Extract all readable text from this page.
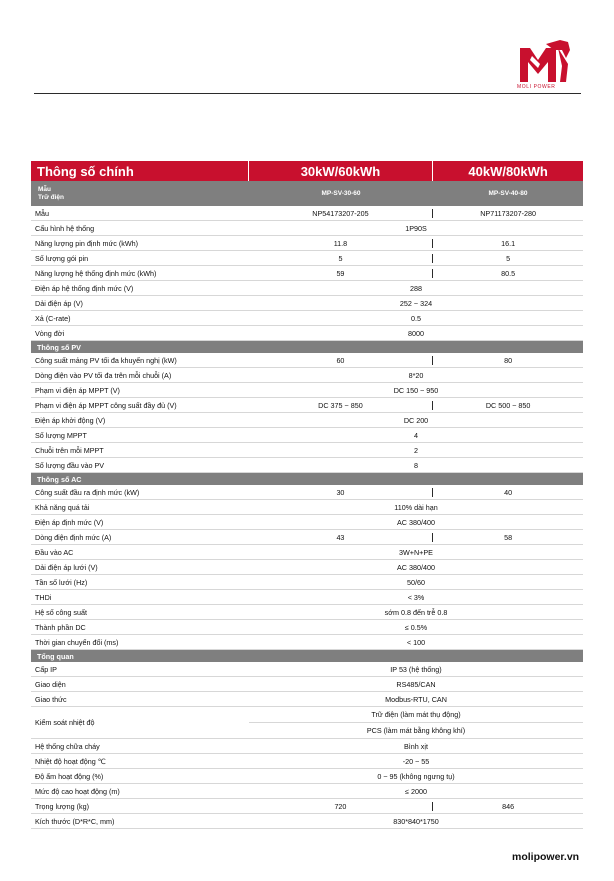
MOLI POWER
Thông số chính	30kW/60kWh	40kW/80kWh
Mẫu
Trữ điện	MP-SV-30-60	MP-SV-40-80
Mẫu	NP54173207-205	NP71173207-280
Cấu hình hệ thống	1P90S
Năng lượng pin định mức (kWh)	11.8	16.1
Số lượng gói pin	5	5
Năng lượng hệ thống định mức (kWh)	59	80.5
Điện áp hệ thống định mức (V)	288
Dải điện áp (V)	252 ~ 324
Xả (C-rate)	0.5
Vòng đời	8000
Thông số PV
Công suất mảng PV tối đa khuyến nghị (kW)	60	80
Dòng điện vào PV tối đa trên mỗi chuỗi (A)	8*20
Phạm vi điện áp MPPT (V)	DC 150 ~ 950
Phạm vi điện áp MPPT công suất đầy đủ (V)	DC 375 ~ 850	DC 500 ~ 850
Điện áp khởi động (V)	DC 200
Số lượng MPPT	4
Chuỗi trên mỗi MPPT	2
Số lượng đầu vào PV	8
Thông số AC
Công suất đầu ra định mức (kW)	30	40
Khả năng quá tải	110% dài hạn
Điện áp định mức (V)	AC 380/400
Dòng điện định mức (A)	43	58
Đầu vào AC	3W+N+PE
Dải điện áp lưới (V)	AC 380/400
Tần số lưới (Hz)	50/60
THDi	< 3%
Hệ số công suất	sớm 0.8 đến trễ 0.8
Thành phần DC	≤ 0.5%
Thời gian chuyển đổi (ms)	< 100
Tổng quan
Cấp IP	IP 53 (hệ thống)
Giao diện	RS485/CAN
Giao thức	Modbus-RTU, CAN
Kiểm soát nhiệt độ
Trữ điện (làm mát thụ động)
PCS (làm mát bằng không khí)
Hệ thống chữa cháy	Bình xịt
Nhiệt độ hoạt động ℃	-20 ~ 55
Độ ẩm hoạt động (%)	0 ~ 95 (không ngưng tụ)
Mức độ cao hoạt động (m)	≤ 2000
Trọng lượng (kg)	720	846
Kích thước (D*R*C, mm)	830*840*1750
molipower.vn
